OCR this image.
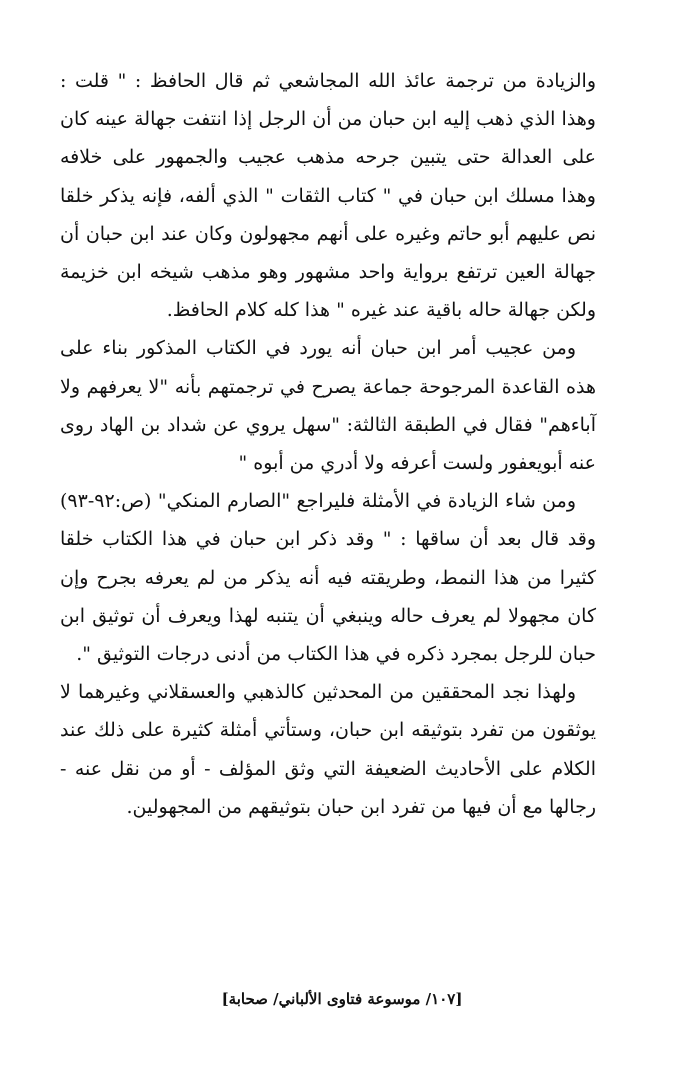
والزيادة من ترجمة عائذ الله المجاشعي ثم قال الحافظ : " قلت : وهذا الذي ذهب إليه ابن حبان من أن الرجل إذا انتفت جهالة عينه كان على العدالة حتى يتبين جرحه مذهب عجيب والجمهور على خلافه وهذا مسلك ابن حبان في " كتاب الثقات " الذي ألفه، فإنه يذكر خلقا نص عليهم أبو حاتم وغيره على أنهم مجهولون وكان عند ابن حبان أن جهالة العين ترتفع برواية واحد مشهور وهو مذهب شيخه ابن خزيمة ولكن جهالة حاله باقية عند غيره " هذا كله كلام الحافظ.

ومن عجيب أمر ابن حبان أنه يورد في الكتاب المذكور بناء على هذه القاعدة المرجوحة جماعة يصرح في ترجمتهم بأنه "لا يعرفهم ولا آباءهم" فقال في الطبقة الثالثة: "سهل يروي عن شداد بن الهاد روى عنه أبويعفور ولست أعرفه ولا أدري من أبوه "

ومن شاء الزيادة في الأمثلة فليراجع "الصارم المنكي" (ص:٩٢-٩٣) وقد قال بعد أن ساقها : " وقد ذكر ابن حبان في هذا الكتاب خلقا كثيرا من هذا النمط، وطريقته فيه أنه يذكر من لم يعرفه بجرح وإن كان مجهولا لم يعرف حاله وينبغي أن يتنبه لهذا ويعرف أن توثيق ابن حبان للرجل بمجرد ذكره في هذا الكتاب من أدنى درجات التوثيق ".

ولهذا نجد المحققين من المحدثين كالذهبي والعسقلاني وغيرهما لا يوثقون من تفرد بتوثيقه ابن حبان، وستأتي أمثلة كثيرة على ذلك عند الكلام على الأحاديث الضعيفة التي وثق المؤلف - أو من نقل عنه - رجالها مع أن فيها من تفرد ابن حبان بتوثيقهم من المجهولين.

[١٠٧/ موسوعة فتاوى الألباني/ صحابة]
